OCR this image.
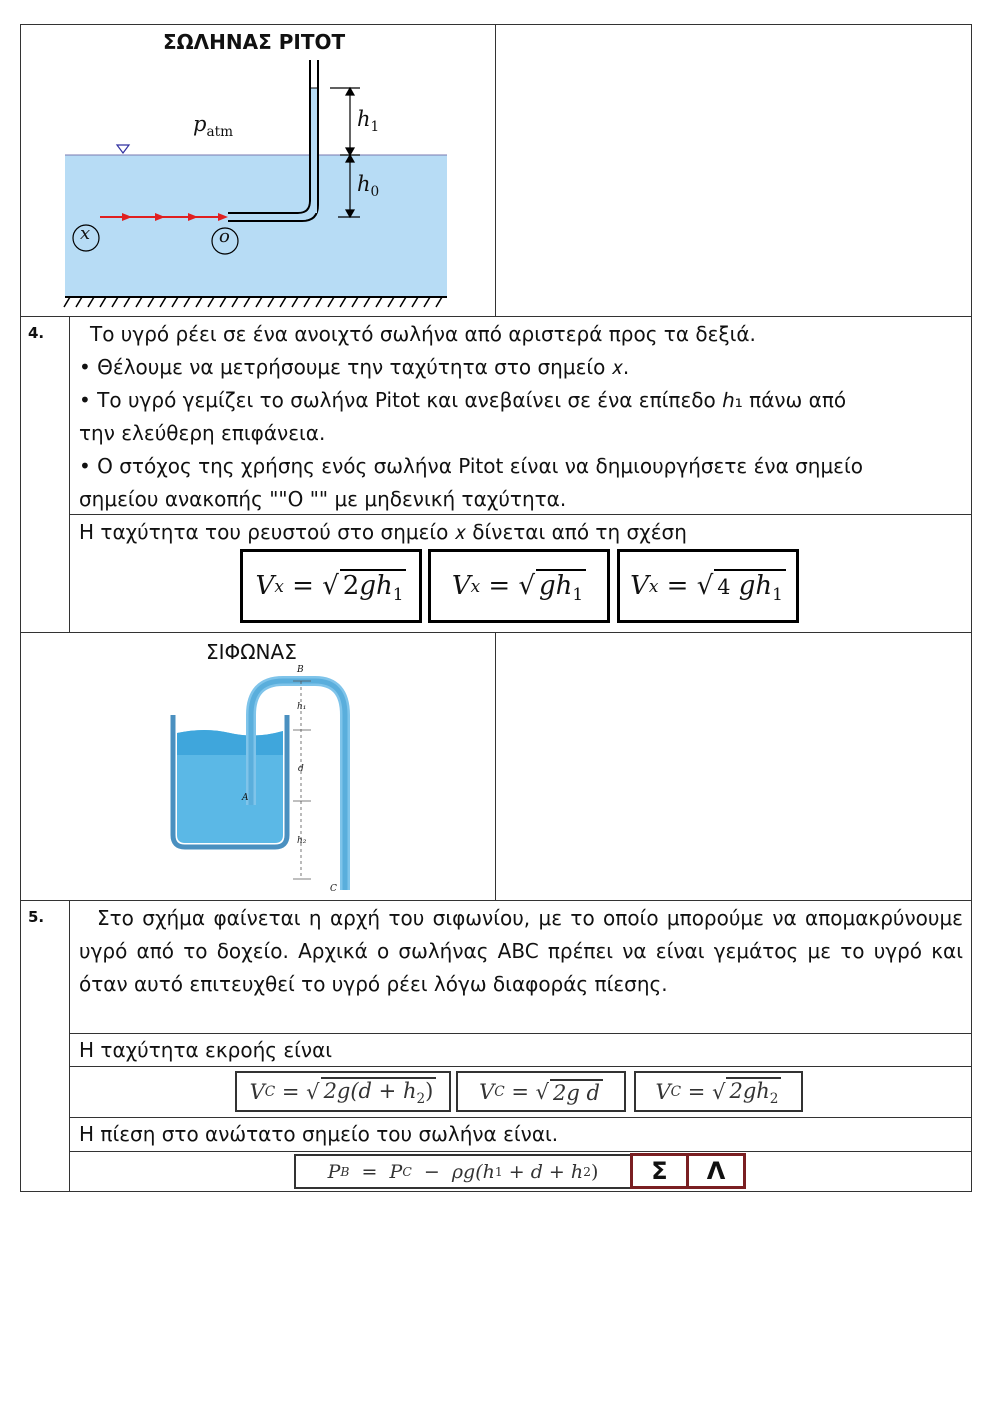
ΣΩΛΗΝΑΣ PITOT
$p_{atm}$
$h_1$
$h_0$
x	o
4. Το υγρό ρέει σε ένα ανοιχτό σωλήνα από αριστερά προς τα δεξιά.
• Θέλουμε να μετρήσουμε την ταχύτητα στο σημείο 𝑥.
• Το υγρό γεμίζει το σωλήνα Pitot και ανεβαίνει σε ένα επίπεδο ℎ₁ πάνω από
την ελεύθερη επιφάνεια.
• Ο στόχος της χρήσης ενός σωλήνα Pitot είναι να δημιουργήσετε ένα σημείο
σημείου ανακοπής ""Ο "" με μηδενική ταχύτητα.
Η ταχύτητα του ρευστού στο σημείο 𝑥 δίνεται από τη σχέση
V x = √ $2gh_1$ V x = √ $gh_1$ V x = √ 4 $gh_1$
ΣΙΦΩΝΑΣ
B
h₁
d
A
h₂
C
5.	Στο σχήμα φαίνεται η αρχή του σιφωνίου, με το οποίο μπορούμε να απομακρύνουμε υγρό από το δοχείο. Αρχικά ο σωλήνας ABC πρέπει να είναι γεμάτος με το υγρό και όταν αυτό επιτευχθεί το υγρό ρέει λόγω διαφοράς πίεσης.
Η ταχύτητα εκροής είναι
V C = √ $2g(d + h_2)$ V C = √ 2g d	V C = √ $2gh_2$
Η πίεση στο ανώτατο σημείο του σωλήνα είναι.
P B = P C −  ρg(h 1 + d + h 2 )	Σ	Λ
